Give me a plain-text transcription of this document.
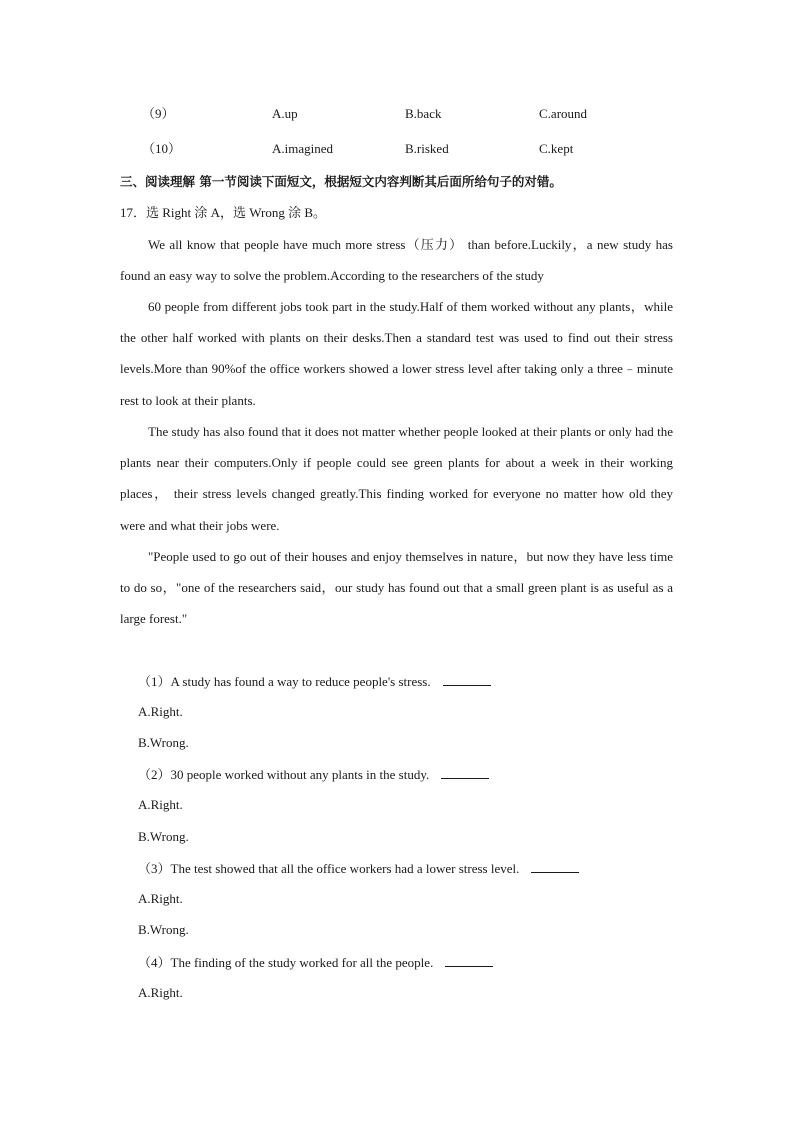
（9）	A.up	B.back	C.around
（10）	A.imagined	B.risked	C.kept
三、阅读理解 第一节阅读下面短文，根据短文内容判断其后面所给句子的对错。
17．选 Right 涂 A，选 Wrong 涂 B。
We all know that people have much more stress（压力） than before.Luckily，a new study has found an easy way to solve the problem.According to the researchers of the study
60 people from different jobs took part in the study.Half of them worked without any plants，while the other half worked with plants on their desks.Then a standard test was used to find out their stress levels.More than 90%of the office workers showed a lower stress level after taking only a three﹣minute rest to look at their plants.
The study has also found that it does not matter whether people looked at their plants or only had the plants near their computers.Only if people could see green plants for about a week in their working places， their stress levels changed greatly.This finding worked for everyone no matter how old they were and what their jobs were.
"People used to go out of their houses and enjoy themselves in nature，but now they have less time to do so，"one of the researchers said，our study has found out that a small green plant is as useful as a large forest."
（1）A study has found a way to reduce people's stress.
A.Right.
B.Wrong.
（2）30 people worked without any plants in the study.
A.Right.
B.Wrong.
（3）The test showed that all the office workers had a lower stress level.
A.Right.
B.Wrong.
（4）The finding of the study worked for all the people.
A.Right.
